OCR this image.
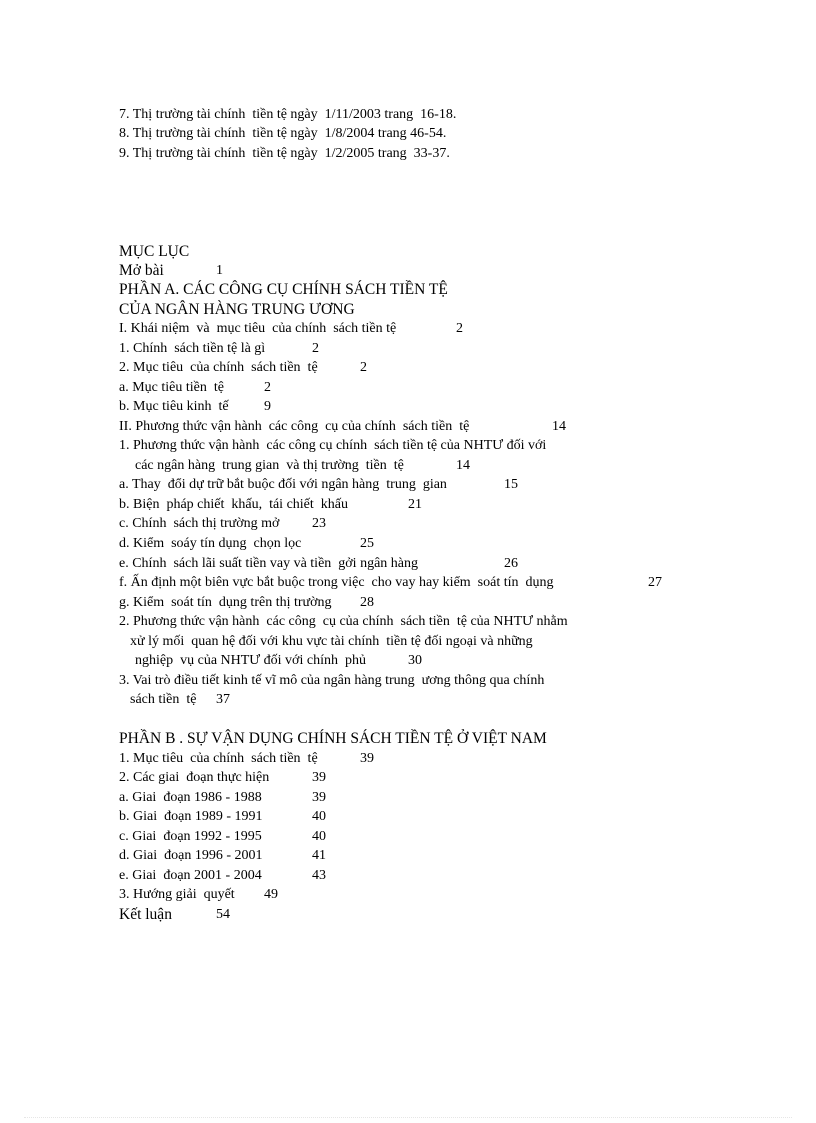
7. Thị trường tài chính  tiền tệ ngày  1/11/2003 trang  16-18.
8. Thị trường tài chính  tiền tệ ngày  1/8/2004 trang 46-54.
9. Thị trường tài chính  tiền tệ ngày  1/2/2005 trang  33-37.
MỤC LỤC
Mở bài	1
PHẦN A. CÁC CÔNG CỤ CHÍNH SÁCH TIỀN TỆ
CỦA NGÂN HÀNG TRUNG ƯƠNG
I. Khái niệm  và  mục tiêu  của chính  sách tiền tệ	2
1. Chính  sách tiền tệ là gì	2
2. Mục tiêu  của chính  sách tiền  tệ	2
a. Mục tiêu tiền  tệ	2
b. Mục tiêu kinh  tế	9
II. Phương thức vận hành  các công  cụ của chính  sách tiền  tệ	14
1. Phương thức vận hành  các công cụ chính  sách tiền tệ của NHTƯ đối với
các ngân hàng  trung gian  và thị trường  tiền  tệ	14
a. Thay  đổi dự trữ bắt buộc đối với ngân hàng  trung  gian	15
b. Biện  pháp chiết  khấu,  tái chiết  khấu	21
c. Chính  sách thị trường mở 23
d. Kiểm  soáy tín dụng  chọn lọc	25
e. Chính  sách lãi suất tiền vay và tiền  gởi ngân hàng	26
f. Ấn định một biên vực bắt buộc trong việc  cho vay hay kiểm  soát tín  dụng	27
g. Kiểm  soát tín  dụng trên thị trường 28
2. Phương thức vận hành  các công  cụ của chính  sách tiền  tệ của NHTƯ nhằm
xử lý mối  quan hệ đối với khu vực tài chính  tiền tệ đối ngoại và những
nghiệp  vụ của NHTƯ đối với chính  phủ	30
3. Vai trò điều tiết kinh tế vĩ mô của ngân hàng trung  ương thông qua chính
sách tiền  tệ 37
PHẦN B . SỰ VẬN DỤNG CHÍNH SÁCH TIỀN TỆ Ở VIỆT NAM
1. Mục tiêu  của chính  sách tiền  tệ	39
2. Các giai  đoạn thực hiện	39
a. Giai  đoạn 1986 - 1988	39
b. Giai  đoạn 1989 - 1991	40
c. Giai  đoạn 1992 - 1995	40
d. Giai  đoạn 1996 - 2001	41
e. Giai  đoạn 2001 - 2004	43
3. Hướng giải  quyết 49
Kết luận	54
